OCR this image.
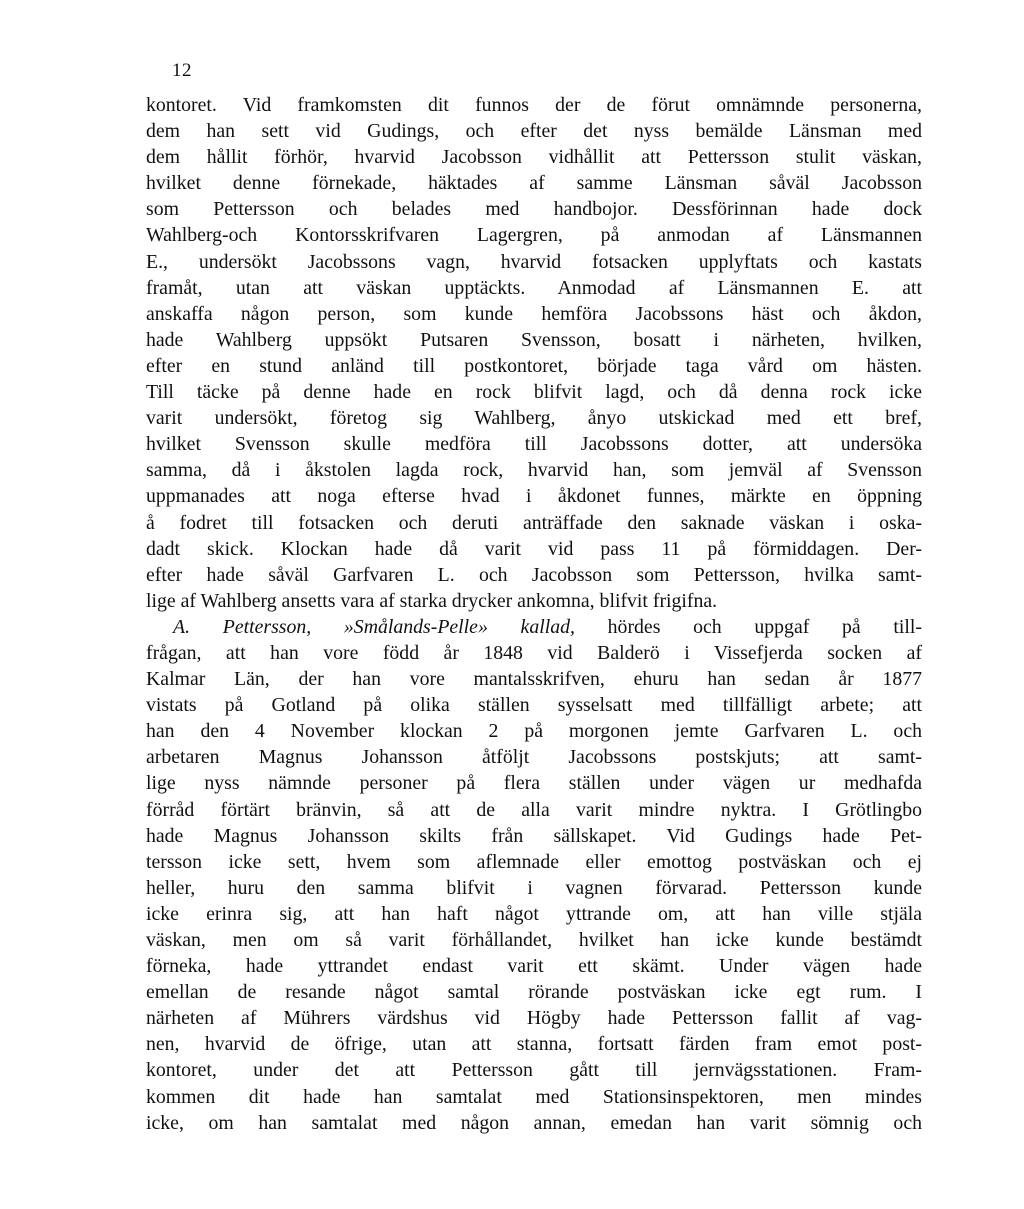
12
kontoret. Vid framkomsten dit funnos der de förut omnämnde personerna,
dem han sett vid Gudings, och efter det nyss bemälde Länsman med
dem hållit förhör, hvarvid Jacobsson vidhållit att Pettersson stulit väskan,
hvilket denne förnekade, häktades af samme Länsman såväl Jacobsson
som Pettersson och belades med handbojor. Dessförinnan hade dock
Wahlberg-och Kontorsskrifvaren Lagergren, på anmodan af Länsmannen
E., undersökt Jacobssons vagn, hvarvid fotsacken upplyftats och kastats
framåt, utan att väskan upptäckts. Anmodad af Länsmannen E. att
anskaffa någon person, som kunde hemföra Jacobssons häst och åkdon,
hade Wahlberg uppsökt Putsaren Svensson, bosatt i närheten, hvilken,
efter en stund anländ till postkontoret, började taga vård om hästen.
Till täcke på denne hade en rock blifvit lagd, och då denna rock icke
varit undersökt, företog sig Wahlberg, ånyo utskickad med ett bref,
hvilket Svensson skulle medföra till Jacobssons dotter, att undersöka
samma, då i åkstolen lagda rock, hvarvid han, som jemväl af Svensson
uppmanades att noga efterse hvad i åkdonet funnes, märkte en öppning
å fodret till fotsacken och deruti anträffade den saknade väskan i oska-
dadt skick. Klockan hade då varit vid pass 11 på förmiddagen. Der-
efter hade såväl Garfvaren L. och Jacobsson som Pettersson, hvilka samt-
lige af Wahlberg ansetts vara af starka drycker ankomna, blifvit frigifna.
A. Pettersson, »Smålands-Pelle» kallad, hördes och uppgaf på till-
frågan, att han vore född år 1848 vid Balderö i Vissefjerda socken af
Kalmar Län, der han vore mantalsskrifven, ehuru han sedan år 1877
vistats på Gotland på olika ställen sysselsatt med tillfälligt arbete; att
han den 4 November klockan 2 på morgonen jemte Garfvaren L. och
arbetaren Magnus Johansson åtföljt Jacobssons postskjuts; att samt-
lige nyss nämnde personer på flera ställen under vägen ur medhafda
förråd förtärt bränvin, så att de alla varit mindre nyktra. I Grötlingbo
hade Magnus Johansson skilts från sällskapet. Vid Gudings hade Pet-
tersson icke sett, hvem som aflemnade eller emottog postväskan och ej
heller, huru den samma blifvit i vagnen förvarad. Pettersson kunde
icke erinra sig, att han haft något yttrande om, att han ville stjäla
väskan, men om så varit förhållandet, hvilket han icke kunde bestämdt
förneka, hade yttrandet endast varit ett skämt. Under vägen hade
emellan de resande något samtal rörande postväskan icke egt rum. I
närheten af Mührers värdshus vid Högby hade Pettersson fallit af vag-
nen, hvarvid de öfrige, utan att stanna, fortsatt färden fram emot post-
kontoret, under det att Pettersson gått till jernvägsstationen. Fram-
kommen dit hade han samtalat med Stationsinspektoren, men mindes
icke, om han samtalat med någon annan, emedan han varit sömnig och
